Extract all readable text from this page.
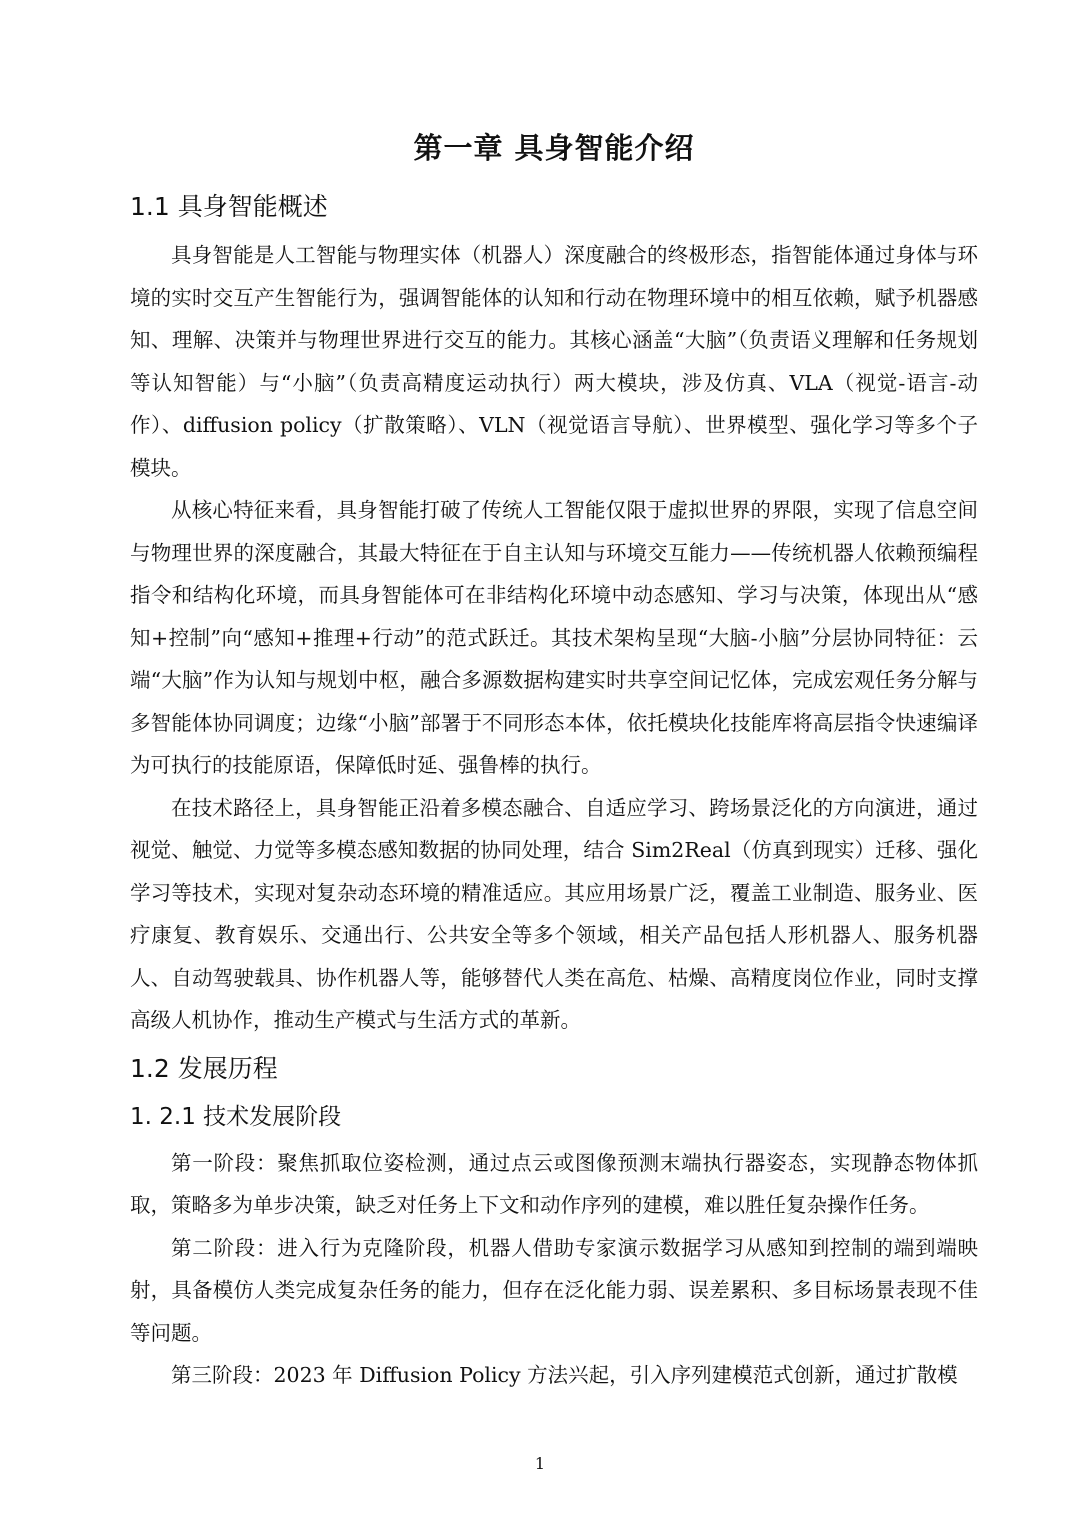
第一章 具身智能介绍
1.1 具身智能概述

具身智能是人工智能与物理实体（机器人）深度融合的终极形态，指智能体通过身体与环境的实时交互产生智能行为，强调智能体的认知和行动在物理环境中的相互依赖，赋予机器感知、理解、决策并与物理世界进行交互的能力。其核心涵盖“大脑”（负责语义理解和任务规划等认知智能）与“小脑”（负责高精度运动执行）两大模块，涉及仿真、VLA（视觉-语言-动作）、diffusion policy（扩散策略）、VLN（视觉语言导航）、世界模型、强化学习等多个子模块。

从核心特征来看，具身智能打破了传统人工智能仅限于虚拟世界的界限，实现了信息空间与物理世界的深度融合，其最大特征在于自主认知与环境交互能力——传统机器人依赖预编程指令和结构化环境，而具身智能体可在非结构化环境中动态感知、学习与决策，体现出从“感知+控制”向“感知+推理+行动”的范式跃迁。其技术架构呈现“大脑-小脑”分层协同特征：云端“大脑”作为认知与规划中枢，融合多源数据构建实时共享空间记忆体，完成宏观任务分解与多智能体协同调度；边缘“小脑”部署于不同形态本体，依托模块化技能库将高层指令快速编译为可执行的技能原语，保障低时延、强鲁棒的执行。

在技术路径上，具身智能正沿着多模态融合、自适应学习、跨场景泛化的方向演进，通过视觉、触觉、力觉等多模态感知数据的协同处理，结合 Sim2Real（仿真到现实）迁移、强化学习等技术，实现对复杂动态环境的精准适应。其应用场景广泛，覆盖工业制造、服务业、医疗康复、教育娱乐、交通出行、公共安全等多个领域，相关产品包括人形机器人、服务机器人、自动驾驶载具、协作机器人等，能够替代人类在高危、枯燥、高精度岗位作业，同时支撑高级人机协作，推动生产模式与生活方式的革新。

1.2 发展历程
1. 2.1 技术发展阶段

第一阶段：聚焦抓取位姿检测，通过点云或图像预测末端执行器姿态，实现静态物体抓取，策略多为单步决策，缺乏对任务上下文和动作序列的建模，难以胜任复杂操作任务。

第二阶段：进入行为克隆阶段，机器人借助专家演示数据学习从感知到控制的端到端映射，具备模仿人类完成复杂任务的能力，但存在泛化能力弱、误差累积、多目标场景表现不佳等问题。

第三阶段：2023 年 Diffusion Policy 方法兴起，引入序列建模范式创新，通过扩散模

1
